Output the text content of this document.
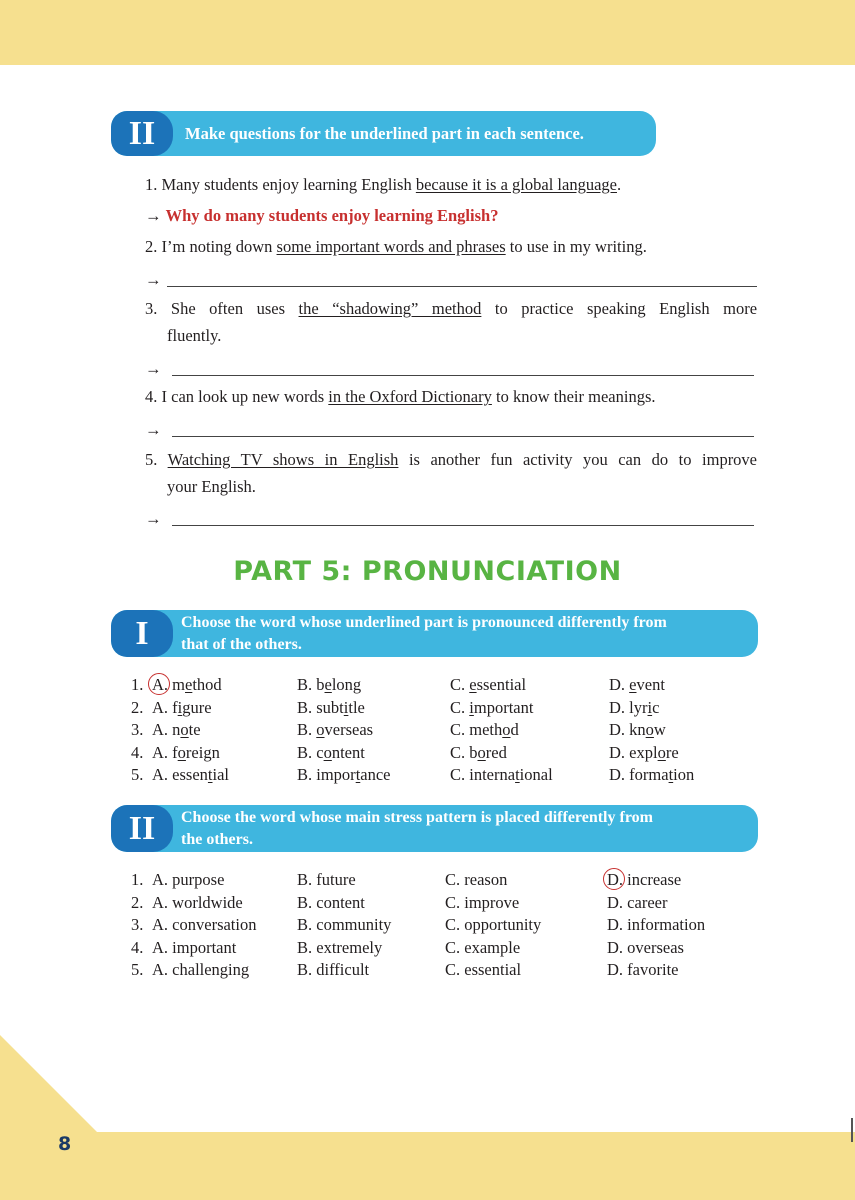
8
II	Make questions for the underlined part in each sentence.
1. Many students enjoy learning English because it is a global language.
→ Why do many students enjoy learning English?
2. I’m noting down some important words and phrases to use in my writing.
→
3. She often uses the “shadowing” method to practice speaking English more
fluently.
→
4. I can look up new words in the Oxford Dictionary to know their meanings.
→
5. Watching TV shows in English is another fun activity you can do to improve
your English.
→
PART 5: PRONUNCIATION
I	Choose the word whose underlined part is pronounced differently from
that of the others.
1. A. method	B. belong	C. essential	D. event
2. A. figure	B. subtitle	C. important	D. lyric
3. A. note	B. overseas	C. method	D. know
4. A. foreign	B. content	C. bored	D. explore
5. A. essential	B. importance	C. international	D. formation
II	Choose the word whose main stress pattern is placed differently from
the others.
1. A. purpose	B. future	C. reason	D. increase
2. A. worldwide	B. content	C. improve	D. career
3. A. conversation B. community	C. opportunity	D. information
4. A. important	B. extremely	C. example	D. overseas
5. A. challenging	B. difficult	C. essential	D. favorite
